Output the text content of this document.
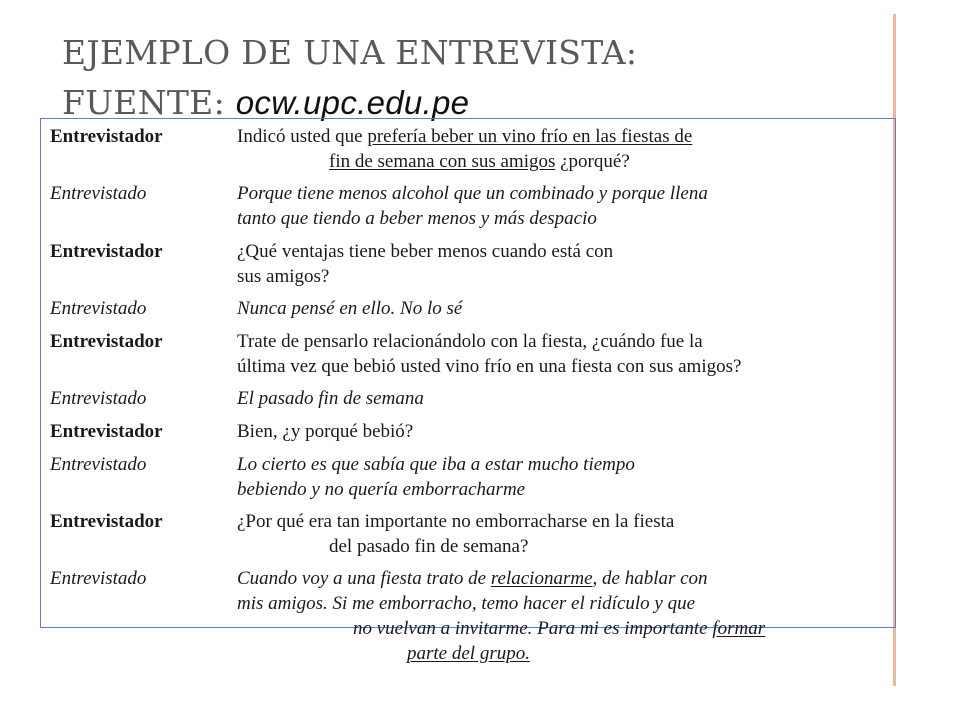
EJEMPLO DE UNA ENTREVISTA:
FUENTE: ocw.upc.edu.pe
Entrevistador	Indicó usted que prefería beber un vino frío en las fiestas de
fin de semana con sus amigos ¿porqué?
Entrevistado	Porque tiene menos alcohol que un combinado y porque llena
tanto que tiendo a beber menos y más despacio
Entrevistador	¿Qué ventajas tiene beber menos cuando está con
sus amigos?
Entrevistado	Nunca pensé en ello. No lo sé
Entrevistador	Trate de pensarlo relacionándolo con la fiesta, ¿cuándo fue la
última vez que bebió usted vino frío en una fiesta con sus amigos?
Entrevistado	El pasado fin de semana
Entrevistador	Bien, ¿y porqué bebió?
Entrevistado	Lo cierto es que sabía que iba a estar mucho tiempo
bebiendo y no quería emborracharme
Entrevistador	¿Por qué era tan importante no emborracharse en la fiesta
del pasado fin de semana?
Entrevistado	Cuando voy a una fiesta trato de relacionarme, de hablar con
mis amigos. Si me emborracho, temo hacer el ridículo y que
no vuelvan a invitarme. Para mi es importante formar
parte del grupo.
